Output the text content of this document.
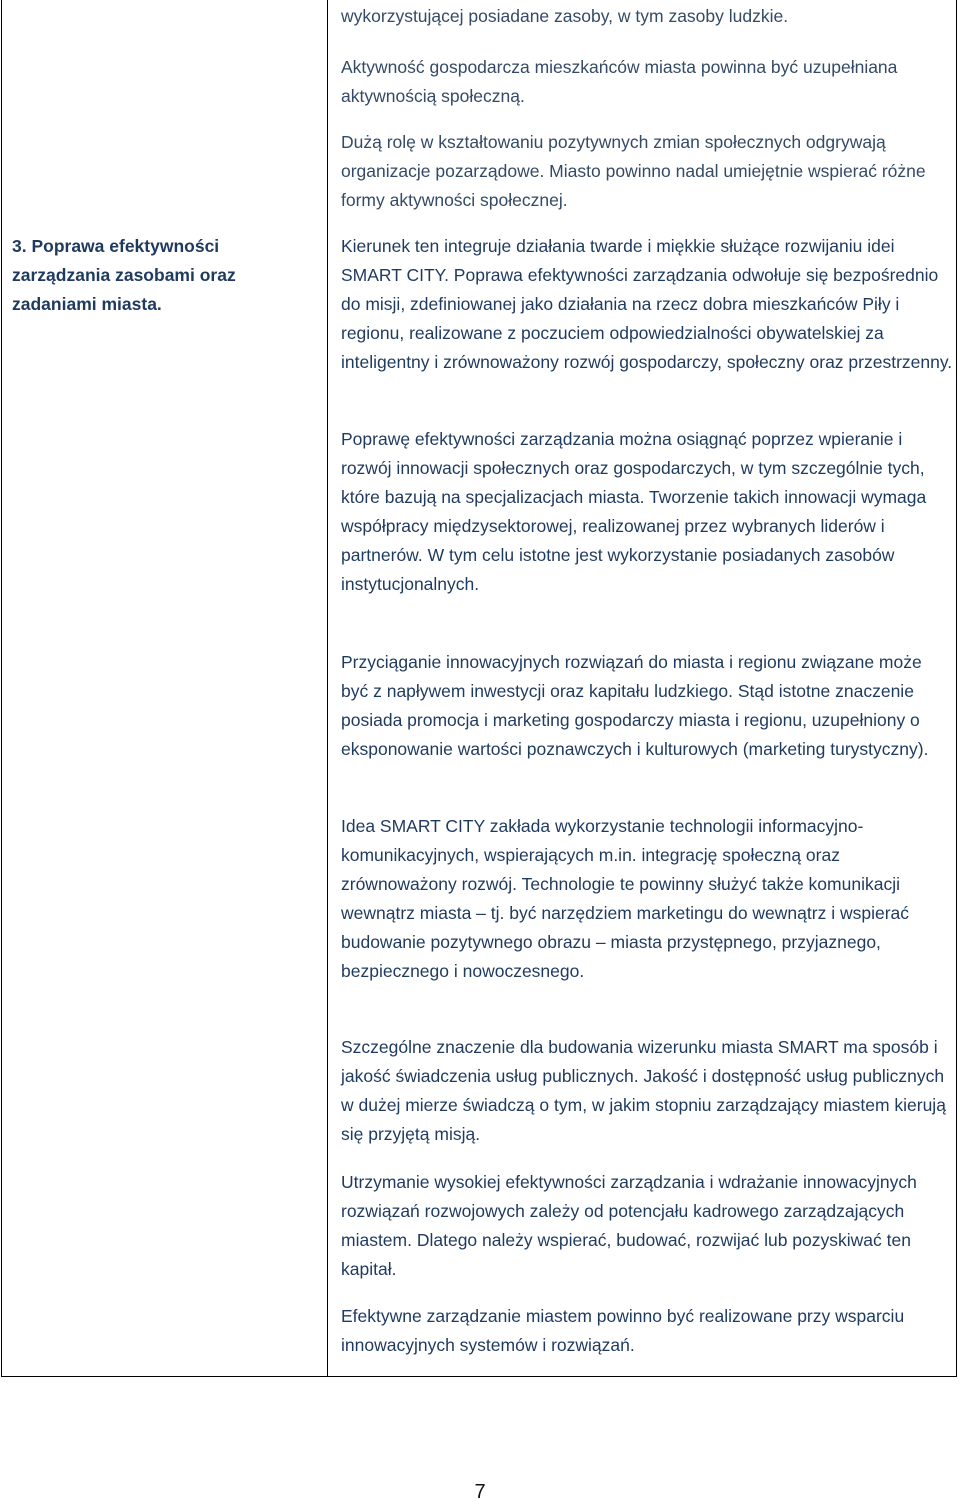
3. Poprawa efektywności zarządzania zasobami oraz zadaniami miasta.

wykorzystującej posiadane zasoby, w tym zasoby ludzkie.

Aktywność gospodarcza mieszkańców miasta powinna być uzupełniana aktywnością społeczną.

Dużą rolę w kształtowaniu pozytywnych zmian społecznych odgrywają organizacje pozarządowe. Miasto powinno nadal umiejętnie wspierać różne formy aktywności społecznej.

Kierunek ten integruje działania twarde i miękkie służące rozwijaniu idei SMART CITY. Poprawa efektywności zarządzania odwołuje się bezpośrednio do misji, zdefiniowanej jako działania na rzecz dobra mieszkańców Piły i regionu, realizowane z poczuciem odpowiedzialności obywatelskiej za inteligentny i zrównoważony rozwój gospodarczy, społeczny oraz przestrzenny.

Poprawę efektywności zarządzania można osiągnąć poprzez wpieranie i rozwój innowacji społecznych oraz gospodarczych, w tym szczególnie tych, które bazują na specjalizacjach miasta. Tworzenie takich innowacji wymaga współpracy międzysektorowej, realizowanej przez wybranych liderów i partnerów. W tym celu istotne jest wykorzystanie posiadanych zasobów instytucjonalnych.

Przyciąganie innowacyjnych rozwiązań do miasta i regionu związane może być z napływem inwestycji oraz kapitału ludzkiego. Stąd istotne znaczenie posiada promocja i marketing gospodarczy miasta i regionu, uzupełniony o eksponowanie wartości poznawczych i kulturowych (marketing turystyczny).

Idea SMART CITY zakłada wykorzystanie technologii informacyjno-komunikacyjnych, wspierających m.in. integrację społeczną oraz zrównoważony rozwój. Technologie te powinny służyć także komunikacji wewnątrz miasta – tj. być narzędziem marketingu do wewnątrz i wspierać budowanie pozytywnego obrazu – miasta przystępnego, przyjaznego, bezpiecznego i nowoczesnego.

Szczególne znaczenie dla budowania wizerunku miasta SMART ma sposób i jakość świadczenia usług publicznych. Jakość i dostępność usług publicznych w dużej mierze świadczą o tym, w jakim stopniu zarządzający miastem kierują się przyjętą misją.

Utrzymanie wysokiej efektywności zarządzania i wdrażanie innowacyjnych rozwiązań rozwojowych zależy od potencjału kadrowego zarządzających miastem. Dlatego należy wspierać, budować, rozwijać lub pozyskiwać ten kapitał.

Efektywne zarządzanie miastem powinno być realizowane przy wsparciu innowacyjnych systemów i rozwiązań.

7
